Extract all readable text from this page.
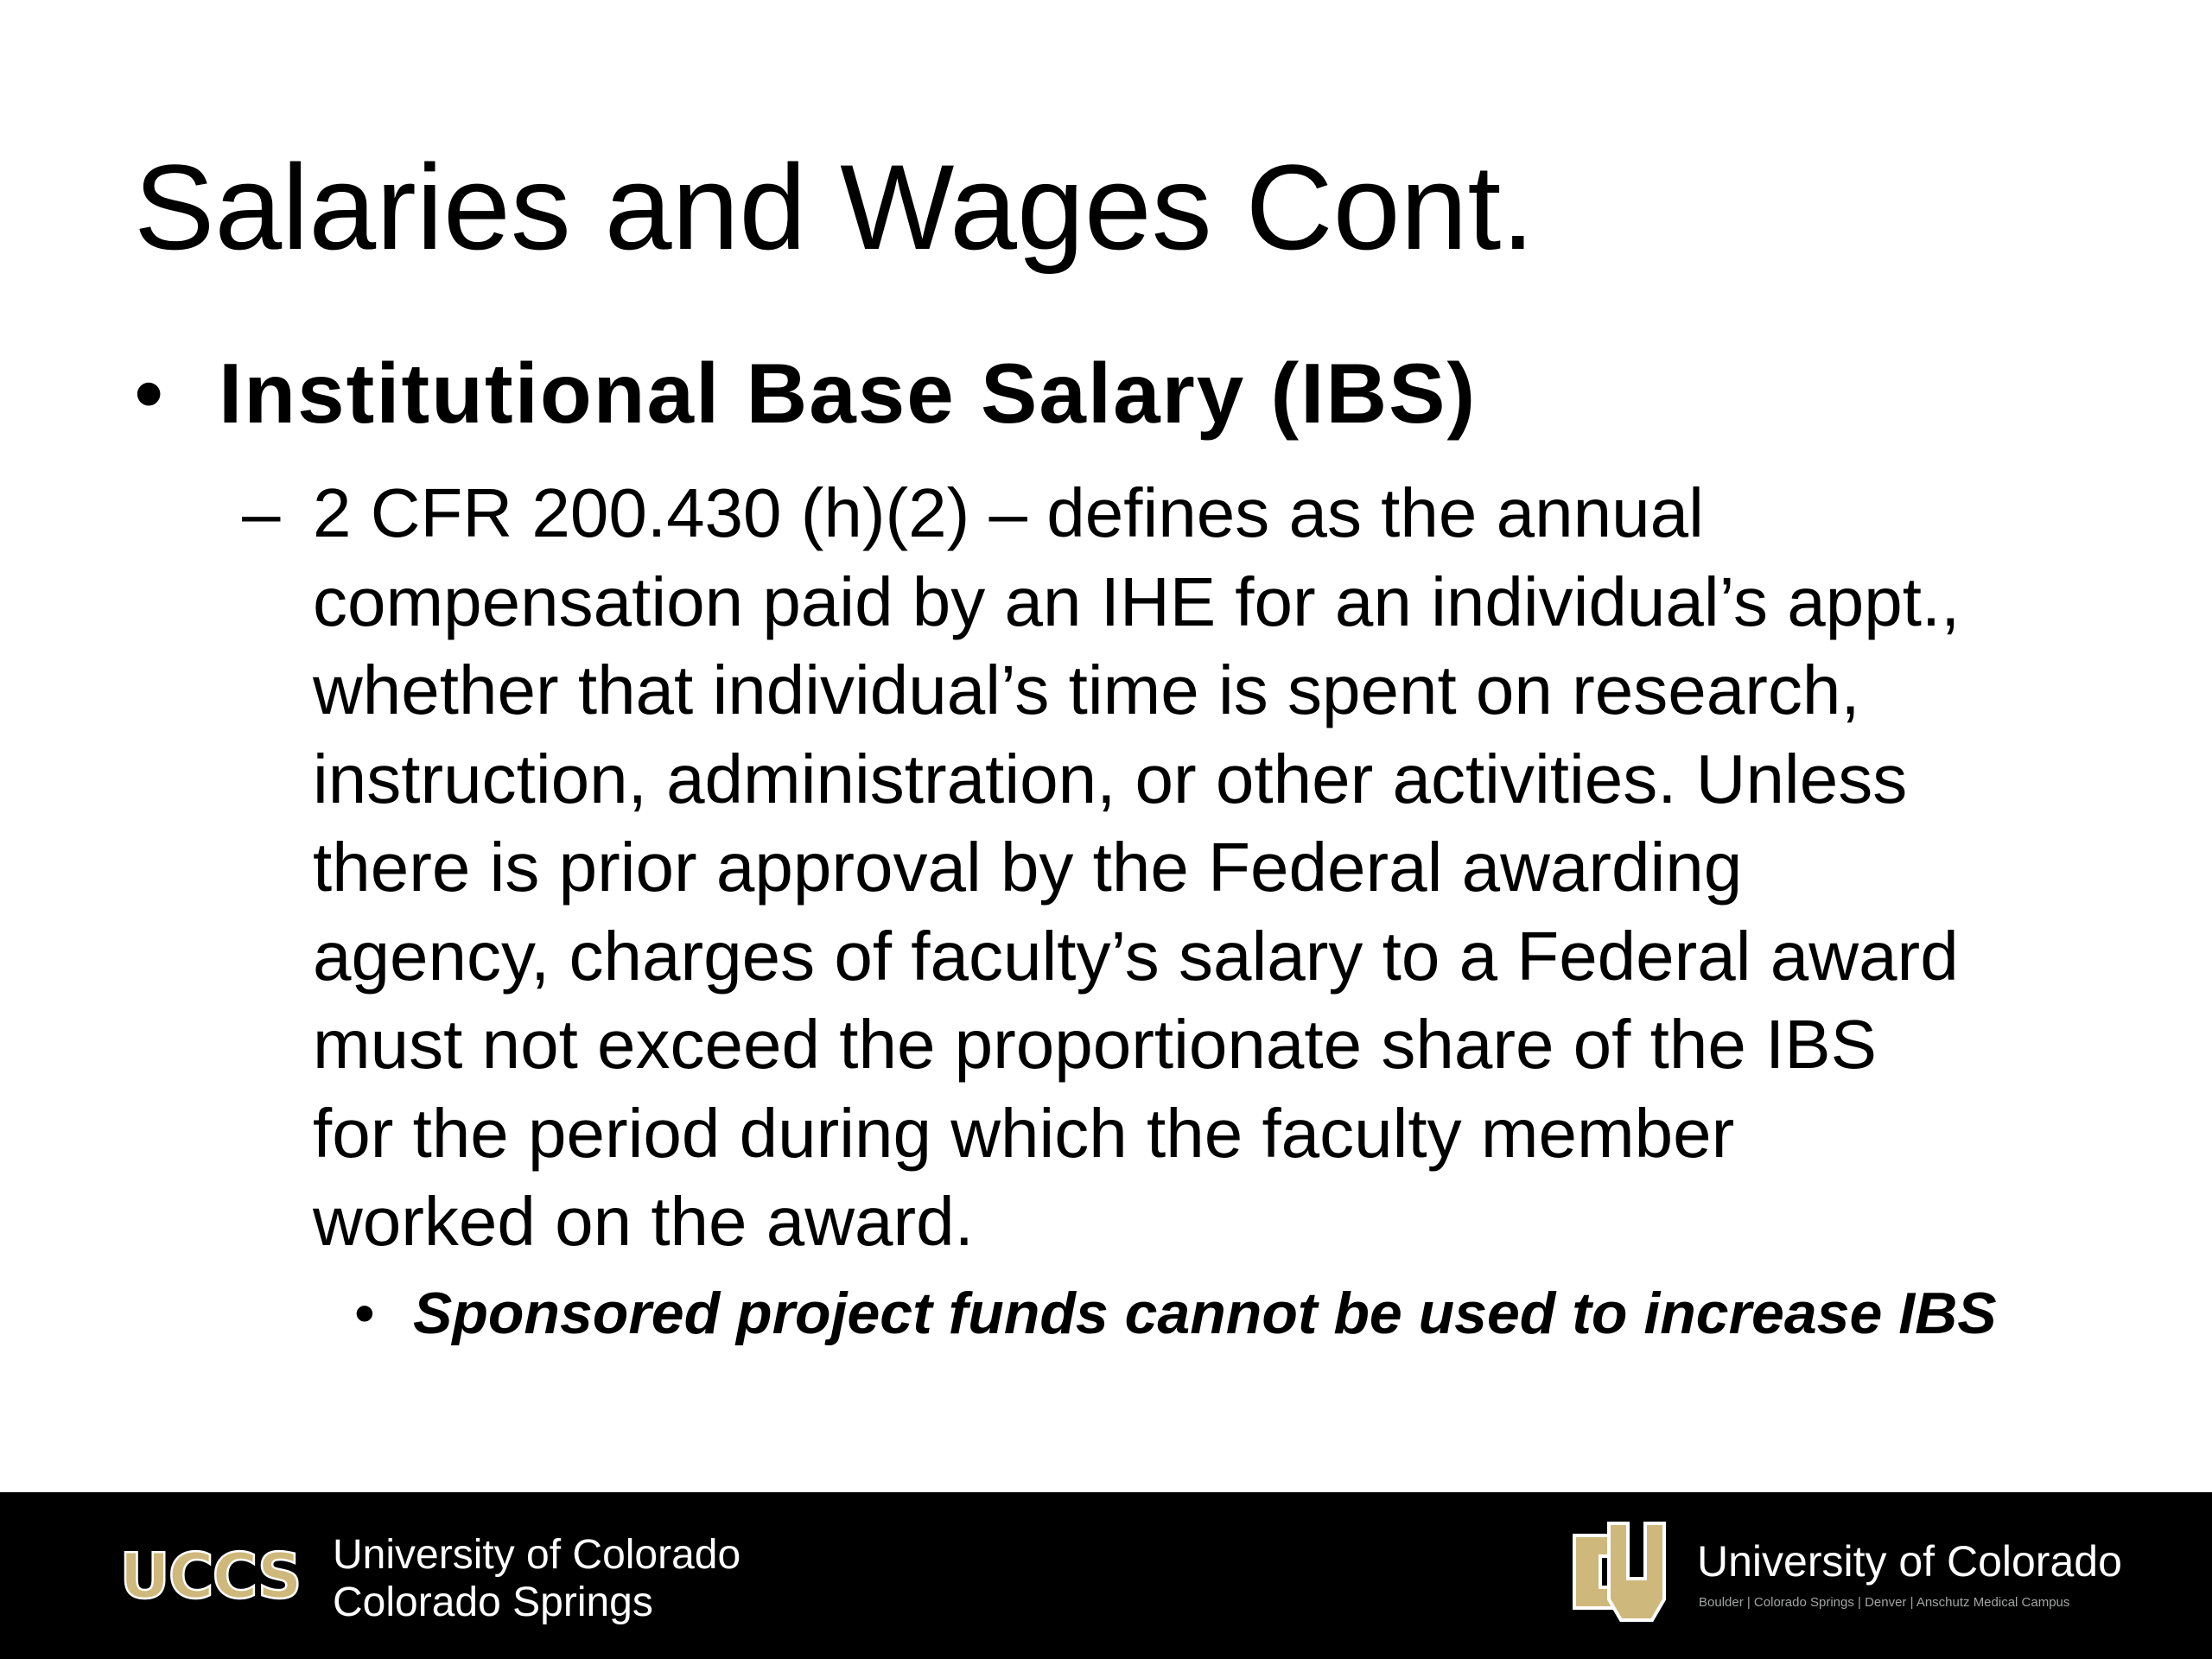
Salaries and Wages Cont.
• Institutional Base Salary (IBS)
– 2 CFR 200.430 (h)(2) – defines as the annual
compensation paid by an IHE for an individual’s appt.,
whether that individual’s time is spent on research,
instruction, administration, or other activities. Unless
there is prior approval by the Federal awarding
agency, charges of faculty’s salary to a Federal award
must not exceed the proportionate share of the IBS
for the period during which the faculty member
worked on the award.
• Sponsored project funds cannot be used to increase IBS
UCCS University of Colorado
Colorado Springs
University of Colorado
Boulder | Colorado Springs | Denver | Anschutz Medical Campus
